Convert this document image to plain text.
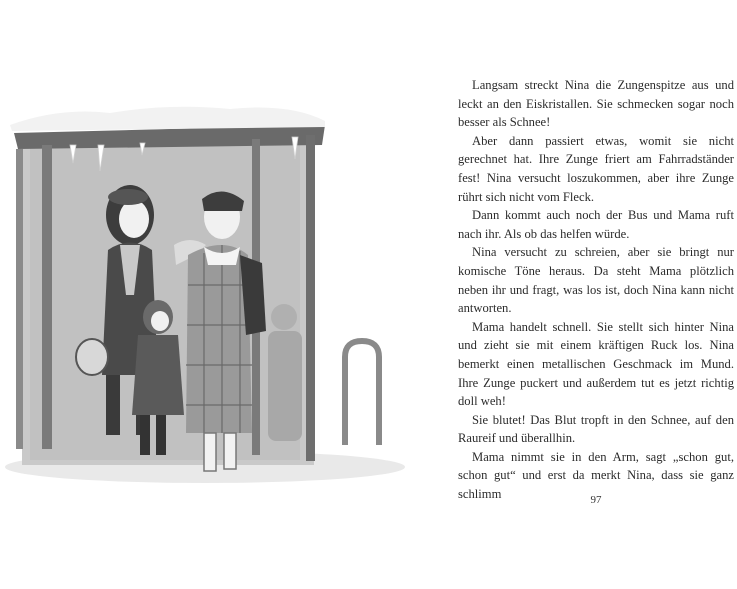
Langsam streckt Nina die Zungenspitze aus und leckt an den Eiskristallen. Sie schmecken sogar noch besser als Schnee!

Aber dann passiert etwas, womit sie nicht gerechnet hat. Ihre Zunge friert am Fahrradständer fest! Nina versucht loszukommen, aber ihre Zunge rührt sich nicht vom Fleck.

Dann kommt auch noch der Bus und Mama ruft nach ihr. Als ob das helfen würde.

Nina versucht zu schreien, aber sie bringt nur komische Töne heraus. Da steht Mama plötzlich neben ihr und fragt, was los ist, doch Nina kann nicht antworten.

Mama handelt schnell. Sie stellt sich hinter Nina und zieht sie mit einem kräftigen Ruck los. Nina bemerkt einen metallischen Geschmack im Mund. Ihre Zunge puckert und außerdem tut es jetzt richtig doll weh!

Sie blutet! Das Blut tropft in den Schnee, auf den Raureif und überallhin.

Mama nimmt sie in den Arm, sagt „schon gut, schon gut“ und erst da merkt Nina, dass sie ganz schlimm	97
